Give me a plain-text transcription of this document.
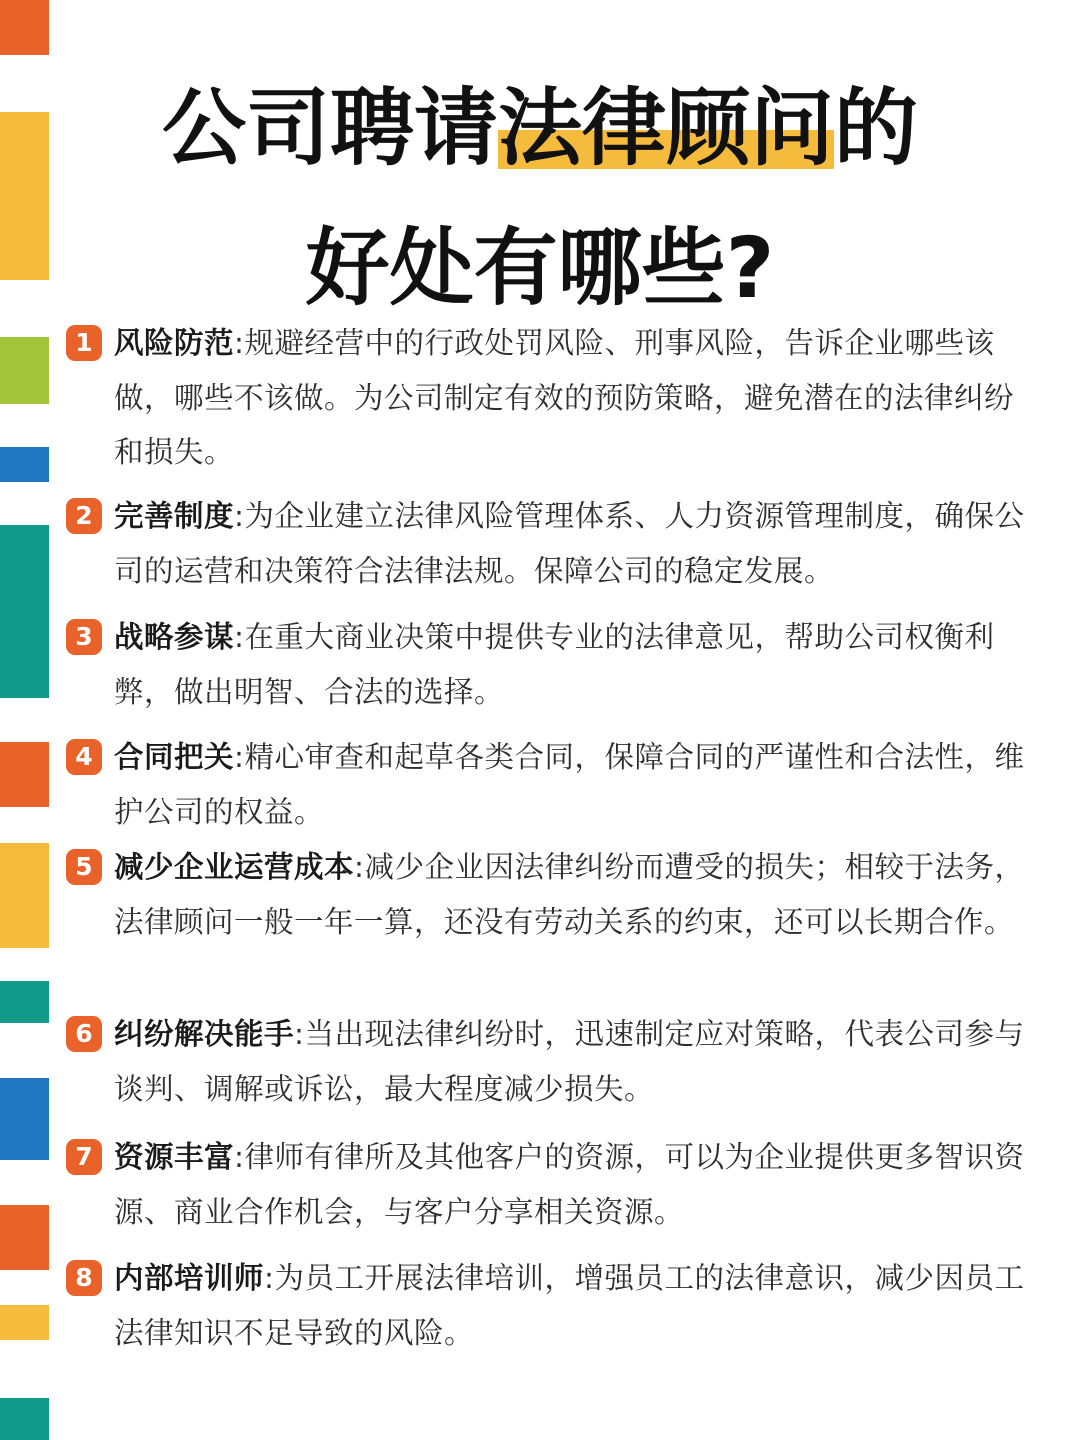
公司聘请法律顾问的
好处有哪些?
1 风险防范:规避经营中的行政处罚风险、刑事风险，告诉企业哪些该做，哪些不该做。为公司制定有效的预防策略，避免潜在的法律纠纷和损失。
2 完善制度:为企业建立法律风险管理体系、人力资源管理制度，确保公司的运营和决策符合法律法规。保障公司的稳定发展。
3 战略参谋:在重大商业决策中提供专业的法律意见，帮助公司权衡利弊，做出明智、合法的选择。
4 合同把关:精心审查和起草各类合同，保障合同的严谨性和合法性，维护公司的权益。
5 减少企业运营成本:减少企业因法律纠纷而遭受的损失；相较于法务，法律顾问一般一年一算，还没有劳动关系的约束，还可以长期合作。
6 纠纷解决能手:当出现法律纠纷时，迅速制定应对策略，代表公司参与谈判、调解或诉讼，最大程度减少损失。
7 资源丰富:律师有律所及其他客户的资源，可以为企业提供更多智识资源、商业合作机会，与客户分享相关资源。
8 内部培训师:为员工开展法律培训，增强员工的法律意识，减少因员工法律知识不足导致的风险。
